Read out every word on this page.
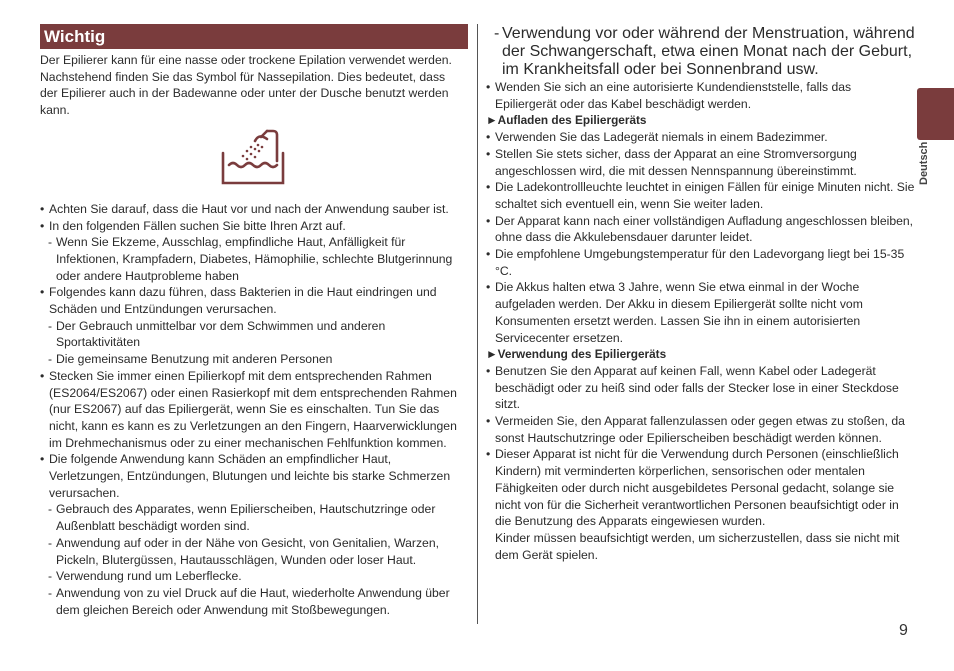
Wichtig

Der Epilierer kann für eine nasse oder trockene Epilation verwendet werden. Nachstehend finden Sie das Symbol für Nassepilation. Dies bedeutet, dass der Epilierer auch in der Badewanne oder unter der Dusche benutzt werden kann.

• Achten Sie darauf, dass die Haut vor und nach der Anwendung sauber ist.
• In den folgenden Fällen suchen Sie bitte Ihren Arzt auf.
- Wenn Sie Ekzeme, Ausschlag, empfindliche Haut, Anfälligkeit für Infektionen, Krampfadern, Diabetes, Hämophilie, schlechte Blutgerinnung oder andere Hautprobleme haben
• Folgendes kann dazu führen, dass Bakterien in die Haut eindringen und Schäden und Entzündungen verursachen.
- Der Gebrauch unmittelbar vor dem Schwimmen und anderen Sportaktivitäten
- Die gemeinsame Benutzung mit anderen Personen
• Stecken Sie immer einen Epilierkopf mit dem entsprechenden Rahmen (ES2064/ES2067) oder einen Rasierkopf mit dem entsprechenden Rahmen (nur ES2067) auf das Epiliergerät, wenn Sie es einschalten. Tun Sie das nicht, kann es kann es zu Verletzungen an den Fingern, Haarverwicklungen im Drehmechanismus oder zu einer mechanischen Fehlfunktion kommen.
• Die folgende Anwendung kann Schäden an empfindlicher Haut, Verletzungen, Entzündungen, Blutungen und leichte bis starke Schmerzen verursachen.
- Gebrauch des Apparates, wenn Epilierscheiben, Hautschutzringe oder Außenblatt beschädigt worden sind.
- Anwendung auf oder in der Nähe von Gesicht, von Genitalien, Warzen, Pickeln, Blutergüssen, Hautausschlägen, Wunden oder loser Haut.
- Verwendung rund um Leberflecke.
- Anwendung von zu viel Druck auf die Haut, wiederholte Anwendung über dem gleichen Bereich oder Anwendung mit Stoßbewegungen.
- Verwendung vor oder während der Menstruation, während der Schwangerschaft, etwa einen Monat nach der Geburt, im Krankheitsfall oder bei Sonnenbrand usw.
• Wenden Sie sich an eine autorisierte Kundendienststelle, falls das Epiliergerät oder das Kabel beschädigt werden.
►Aufladen des Epiliergeräts
• Verwenden Sie das Ladegerät niemals in einem Badezimmer.
• Stellen Sie stets sicher, dass der Apparat an eine Stromversorgung angeschlossen wird, die mit dessen Nennspannung übereinstimmt.
• Die Ladekontrollleuchte leuchtet in einigen Fällen für einige Minuten nicht. Sie schaltet sich eventuell ein, wenn Sie weiter laden.
• Der Apparat kann nach einer vollständigen Aufladung angeschlossen bleiben, ohne dass die Akkulebensdauer darunter leidet.
• Die empfohlene Umgebungstemperatur für den Ladevorgang liegt bei 15-35 °C.
• Die Akkus halten etwa 3 Jahre, wenn Sie etwa einmal in der Woche aufgeladen werden. Der Akku in diesem Epiliergerät sollte nicht vom Konsumenten ersetzt werden. Lassen Sie ihn in einem autorisierten Servicecenter ersetzen.
►Verwendung des Epiliergeräts
• Benutzen Sie den Apparat auf keinen Fall, wenn Kabel oder Ladegerät beschädigt oder zu heiß sind oder falls der Stecker lose in einer Steckdose sitzt.
• Vermeiden Sie, den Apparat fallenzulassen oder gegen etwas zu stoßen, da sonst Hautschutzringe oder Epilierscheiben beschädigt werden können.
• Dieser Apparat ist nicht für die Verwendung durch Personen (einschließlich Kindern) mit verminderten körperlichen, sensorischen oder mentalen Fähigkeiten oder durch nicht ausgebildetes Personal gedacht, solange sie nicht von für die Sicherheit verantwortlichen Personen beaufsichtigt oder in die Benutzung des Apparats eingewiesen wurden.

Kinder müssen beaufsichtigt werden, um sicherzustellen, dass sie nicht mit dem Gerät spielen.

Deutsch
9
